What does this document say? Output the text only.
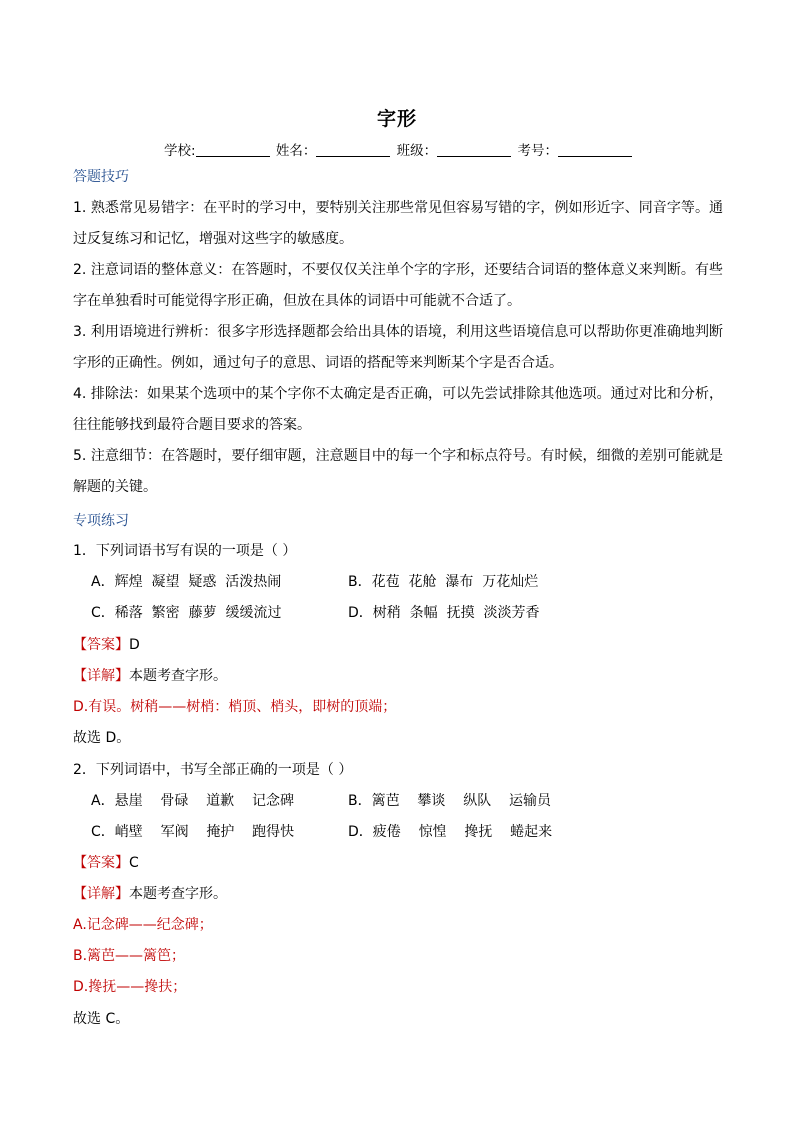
字形
学校:	姓名：	班级：	考号：
答题技巧
1. 熟悉常见易错字：在平时的学习中，要特别关注那些常见但容易写错的字，例如形近字、同音字等。通过反复练习和记忆，增强对这些字的敏感度。
2. 注意词语的整体意义：在答题时，不要仅仅关注单个字的字形，还要结合词语的整体意义来判断。有些字在单独看时可能觉得字形正确，但放在具体的词语中可能就不合适了。
3. 利用语境进行辨析：很多字形选择题都会给出具体的语境，利用这些语境信息可以帮助你更准确地判断字形的正确性。例如，通过句子的意思、词语的搭配等来判断某个字是否合适。
4. 排除法：如果某个选项中的某个字你不太确定是否正确，可以先尝试排除其他选项。通过对比和分析，往往能够找到最符合题目要求的答案。
5. 注意细节：在答题时，要仔细审题，注意题目中的每一个字和标点符号。有时候，细微的差别可能就是解题的关键。
专项练习
1．下列词语书写有误的一项是（ ）
A．辉煌  凝望  疑惑  活泼热闹	B．花苞  花舱  瀑布  万花灿烂
C．稀落  繁密  藤萝  缓缓流过	D．树稍  条幅  抚摸  淡淡芳香
【答案】D
【详解】本题考查字形。
D.有误。树稍——树梢：梢顶、梢头，即树的顶端；
故选 D。
2．下列词语中，书写全部正确的一项是（ ）
A．悬崖    骨碌    道歉    记念碑	B．篱芭    攀谈    纵队    运输员
C．峭壁    军阀    掩护    跑得快	D．疲倦    惊惶    搀抚    蜷起来
【答案】C
【详解】本题考查字形。
A.记念碑——纪念碑；
B.篱芭——篱笆；
D.搀抚——搀扶；
故选 C。
